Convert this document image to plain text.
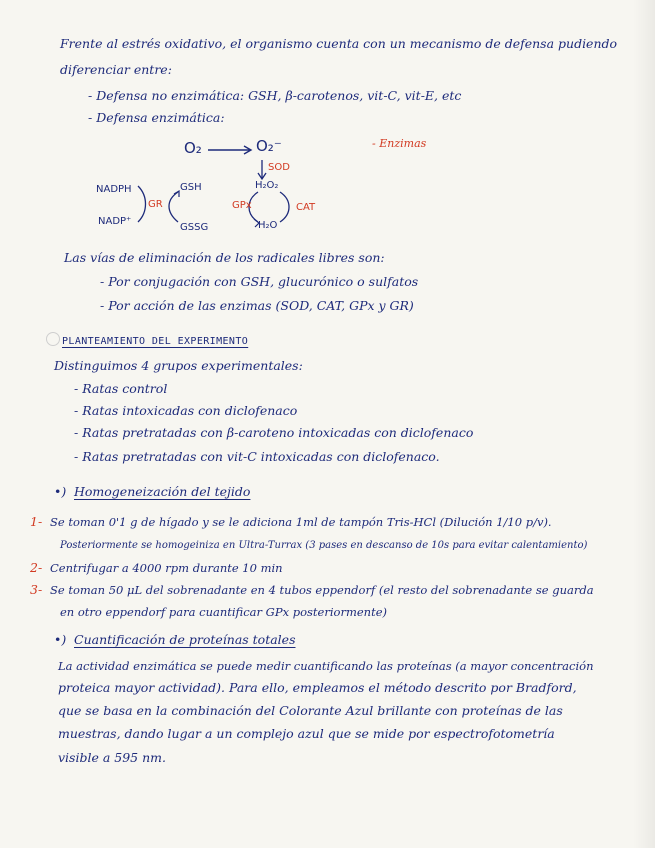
Frente al estrés oxidativo, el organismo cuenta con un mecanismo de defensa pudiendo
diferenciar entre:
- Defensa no enzimática: GSH, β-carotenos, vit-C, vit-E, etc
- Defensa enzimática:
O₂	O₂⁻	- Enzimas
SOD
NADPH
NADP⁺
GR
GSH
GSSG
GPx
H₂O₂
H₂O
CAT
Las vías de eliminación de los radicales libres son:
- Por conjugación con GSH, glucurónico o sulfatos
- Por acción de las enzimas (SOD, CAT, GPx y GR)
PLANTEAMIENTO DEL EXPERIMENTO
Distinguimos 4 grupos experimentales:
- Ratas control
- Ratas intoxicadas con diclofenaco
- Ratas pretratadas con β-caroteno intoxicadas con diclofenaco
- Ratas pretratadas con vit-C intoxicadas con diclofenaco.
•) Homogeneización del tejido
1- Se toman 0'1 g de hígado y se le adiciona 1ml de tampón Tris-HCl (Dilución 1/10 p/v).
Posteriormente se homogeiniza en Ultra-Turrax (3 pases en descanso de 10s para evitar calentamiento)
2- Centrifugar a 4000 rpm durante 10 min
3- Se toman 50 μL del sobrenadante en 4 tubos eppendorf (el resto del sobrenadante se guarda
en otro eppendorf para cuantificar GPx posteriormente)
•) Cuantificación de proteínas totales
La actividad enzimática se puede medir cuantificando las proteínas (a mayor concentración
proteica mayor actividad). Para ello, empleamos el método descrito por Bradford,
que se basa en la combinación del Colorante Azul brillante con proteínas de las
muestras, dando lugar a un complejo azul que se mide por espectrofotometría
visible a 595 nm.
